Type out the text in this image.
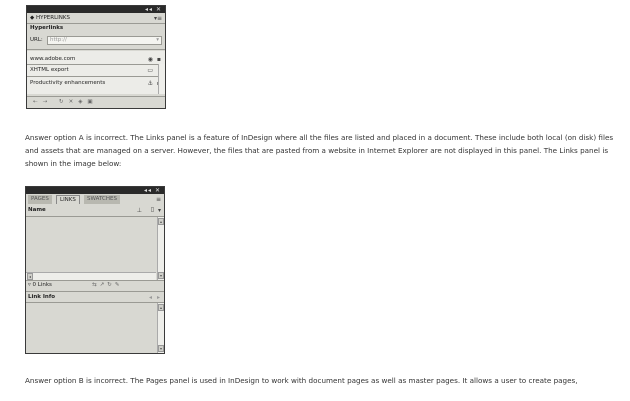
◂◂ ✕
◆ HYPERLINKS	▾≡
Hyperlinks
URL:	http://	▾
www.adobe.com	◉ ▪
XHTML export	▭
Productivity enhancements	⚓
⇠⇢ ↻✕◈▣
Answer option A is incorrect. The Links panel is a feature of InDesign where all the files are listed and placed in a document. These include both local (on disk) files and assets that are managed on a server. However, the files that are pasted from a website in Internet Explorer are not displayed in this panel. The Links panel is shown in the image below:
◂◂ ✕
PAGES	LINKS	SWATCHES	≡
Name	⊥ ▯ ▾
▴
▾
◂
▿ 0 Links	⇆↗↻✎
Link Info	◂ ▸
▴
▾
Answer option B is incorrect. The Pages panel is used in InDesign to work with document pages as well as master pages. It allows a user to create pages,
